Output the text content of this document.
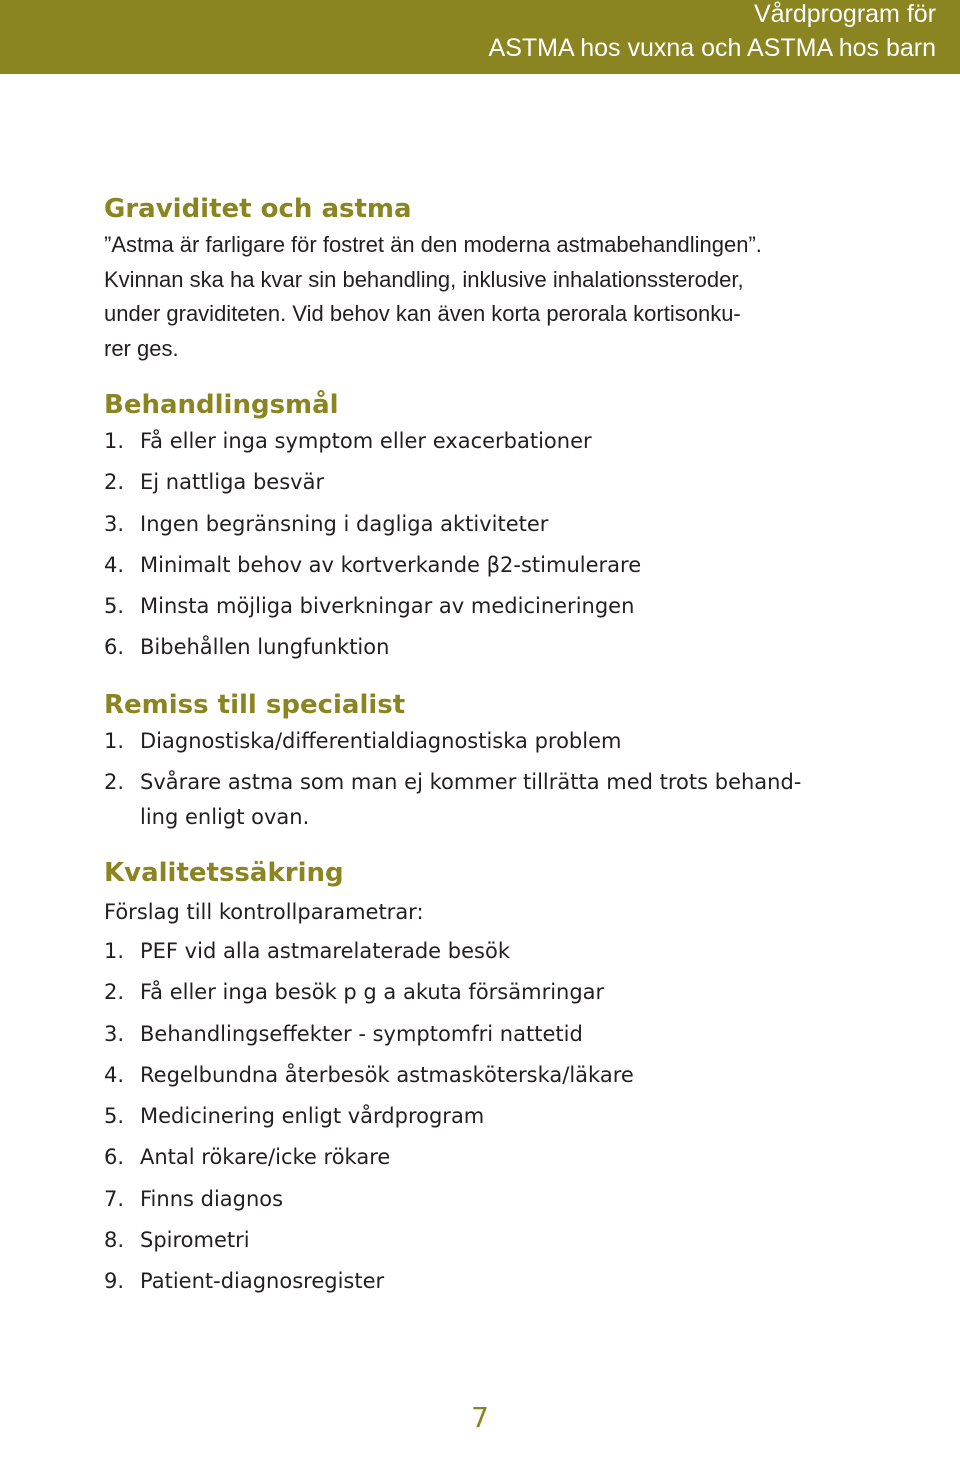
Vårdprogram för
ASTMA hos vuxna och ASTMA hos barn
Graviditet och astma
”Astma är farligare för fostret än den moderna astmabehandlingen”.
Kvinnan ska ha kvar sin behandling, inklusive inhalationssteroder,
under graviditeten. Vid behov kan även korta perorala kortisonku-
rer ges.
Behandlingsmål
1. Få eller inga symptom eller exacerbationer
2. Ej nattliga besvär
3. Ingen begränsning i dagliga aktiviteter
4. Minimalt behov av kortverkande β2-stimulerare
5. Minsta möjliga biverkningar av medicineringen
6. Bibehållen lungfunktion
Remiss till specialist
1. Diagnostiska/differentialdiagnostiska problem
2. Svårare astma som man ej kommer tillrätta med trots behand-
ling enligt ovan.
Kvalitetssäkring

Förslag till kontrollparametrar:

1. PEF vid alla astmarelaterade besök
2. Få eller inga besök p g a akuta försämringar
3. Behandlingseffekter - symptomfri nattetid
4. Regelbundna återbesök astmasköterska/läkare
5. Medicinering enligt vårdprogram
6. Antal rökare/icke rökare
7. Finns diagnos
8. Spirometri
9. Patient-diagnosregister
7
